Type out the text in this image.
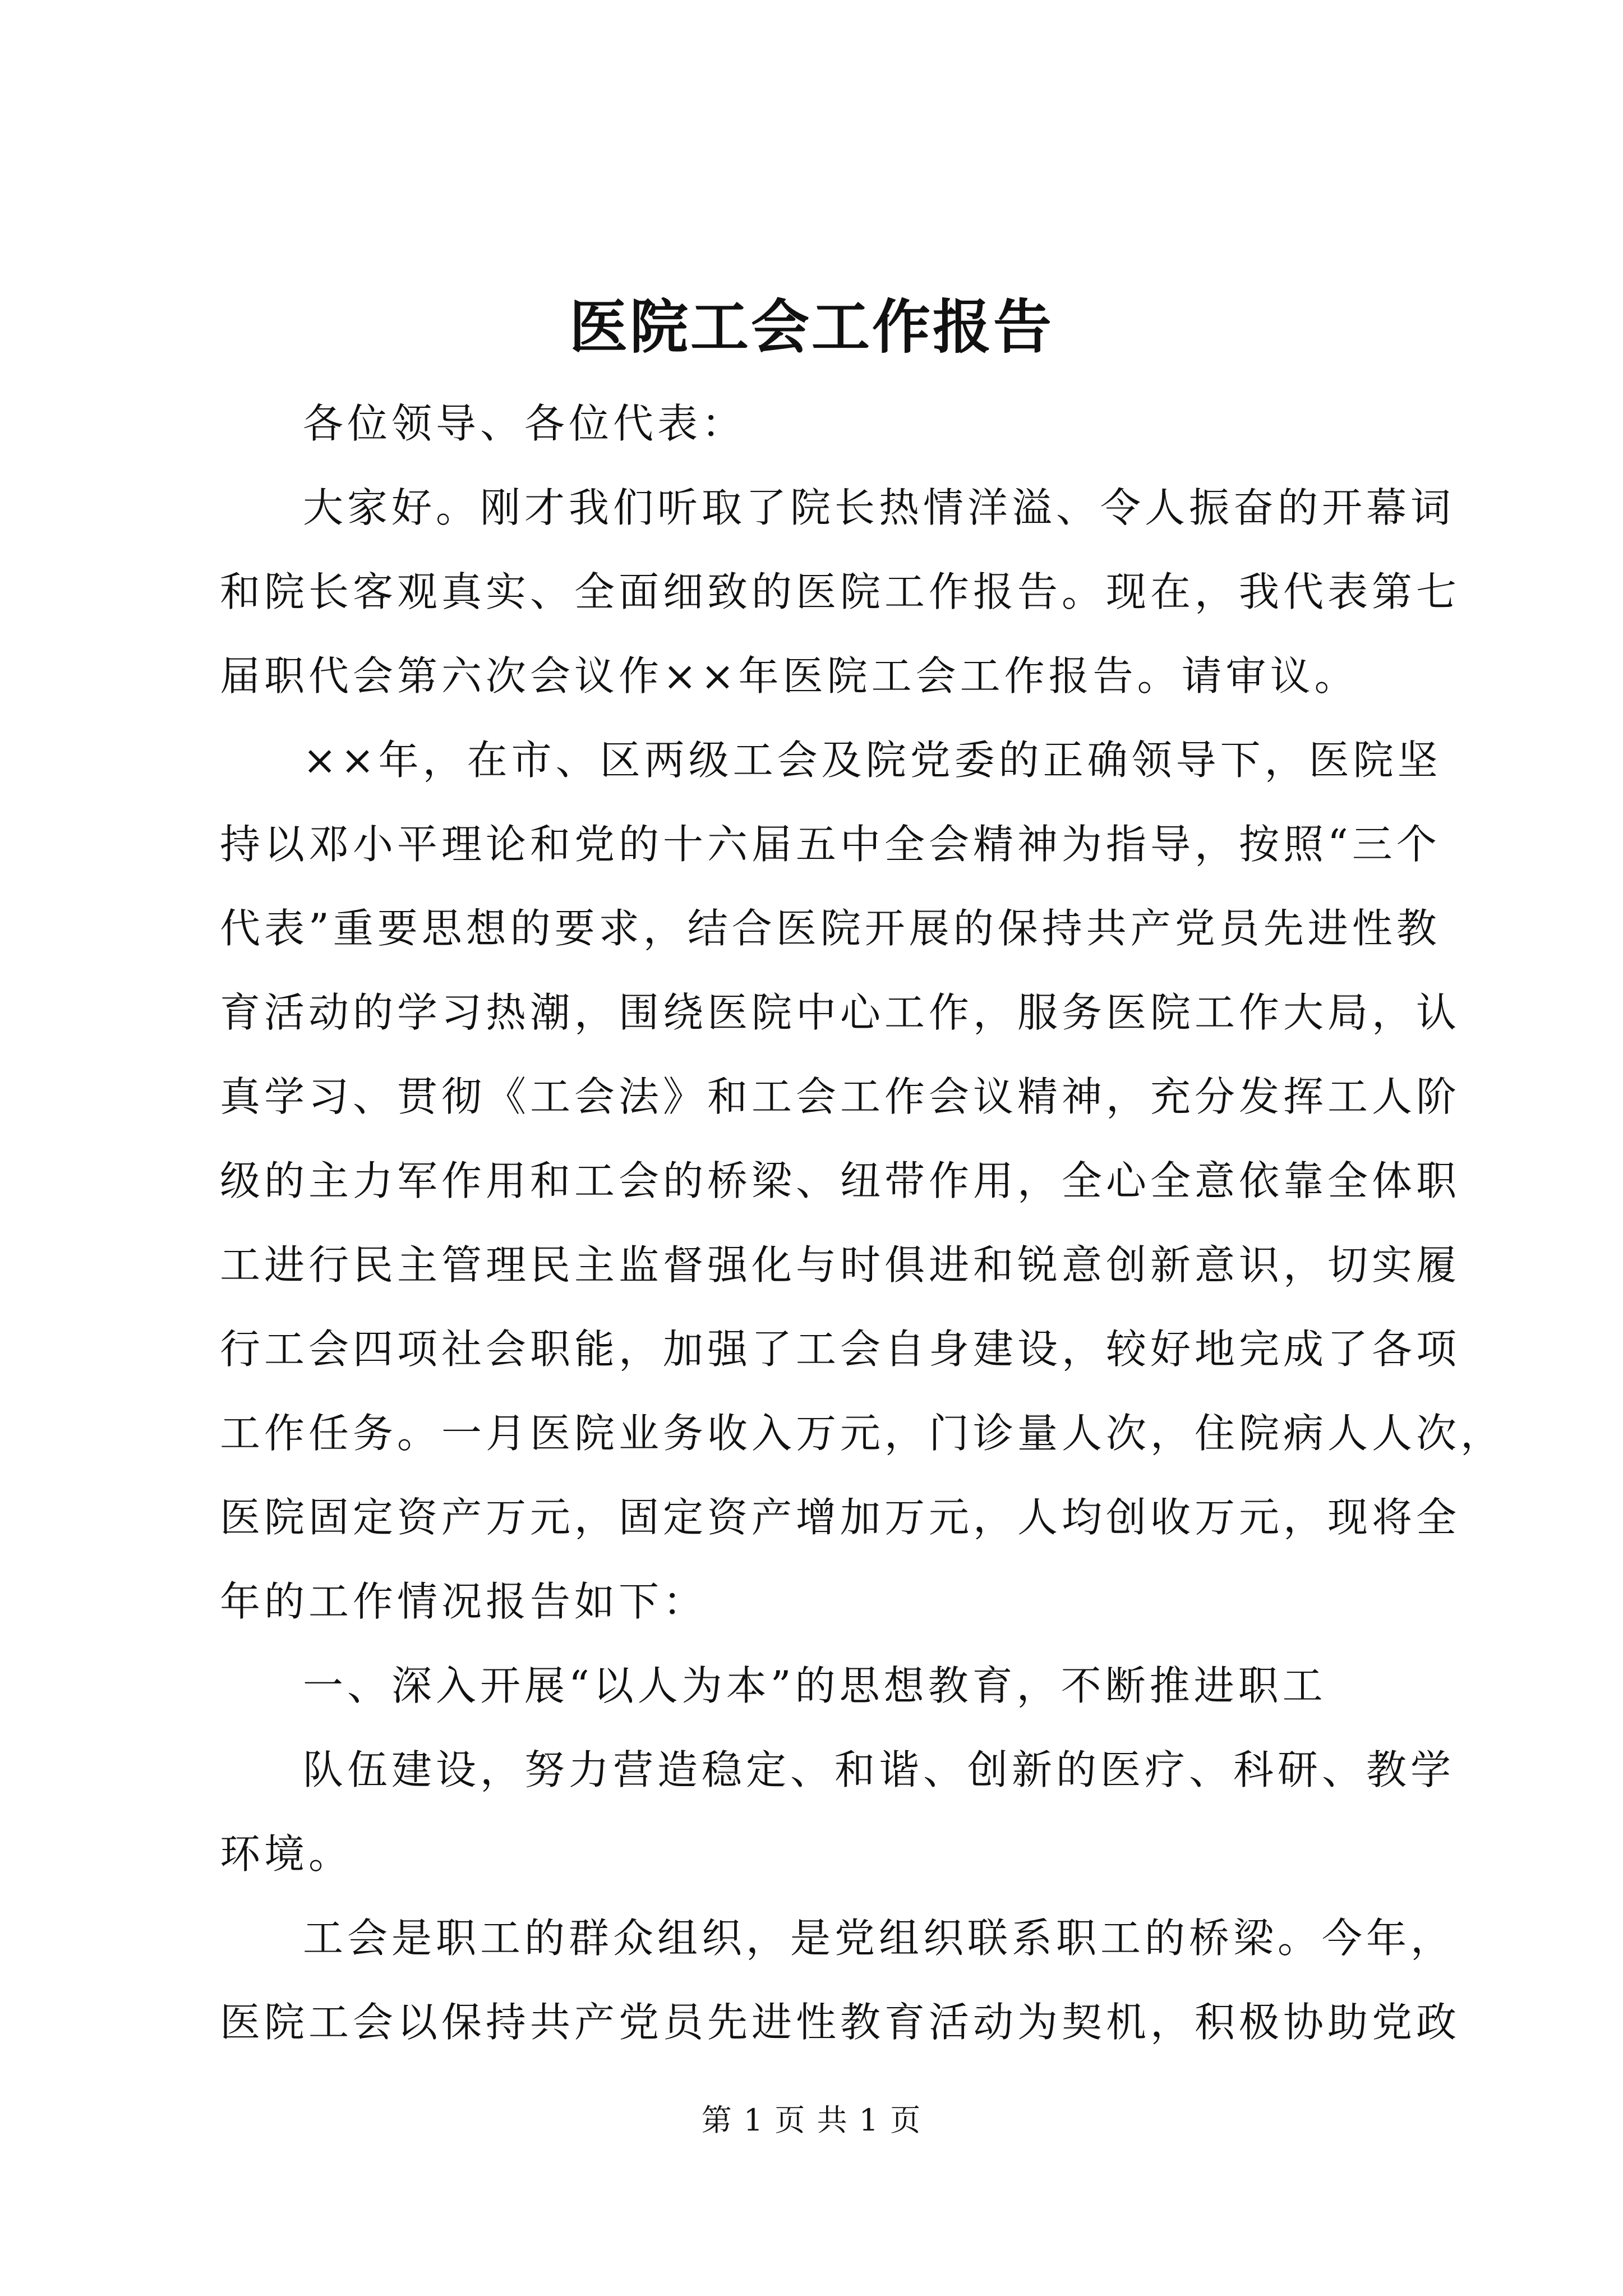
医院工会工作报告
各位领导、各位代表：
大家好。刚才我们听取了院长热情洋溢、令人振奋的开幕词
和院长客观真实、全面细致的医院工作报告。现在，我代表第七
届职代会第六次会议作××年医院工会工作报告。请审议。
××年，在市、区两级工会及院党委的正确领导下，医院坚
持以邓小平理论和党的十六届五中全会精神为指导，按照“三个
代表”重要思想的要求，结合医院开展的保持共产党员先进性教
育活动的学习热潮，围绕医院中心工作，服务医院工作大局，认
真学习、贯彻《工会法》和工会工作会议精神，充分发挥工人阶
级的主力军作用和工会的桥梁、纽带作用，全心全意依靠全体职
工进行民主管理民主监督强化与时俱进和锐意创新意识，切实履
行工会四项社会职能，加强了工会自身建设，较好地完成了各项
工作任务。一月医院业务收入万元，门诊量人次，住院病人人次，
医院固定资产万元，固定资产增加万元，人均创收万元，现将全
年的工作情况报告如下：
一、深入开展“以人为本”的思想教育，不断推进职工
队伍建设，努力营造稳定、和谐、创新的医疗、科研、教学
环境。
工会是职工的群众组织，是党组织联系职工的桥梁。今年，
医院工会以保持共产党员先进性教育活动为契机，积极协助党政
第 1 页 共 1 页
